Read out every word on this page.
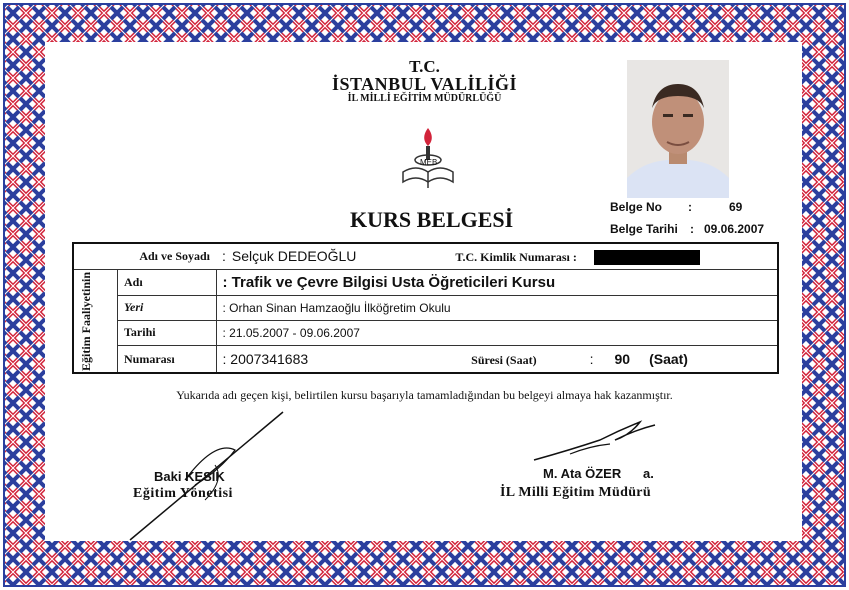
T.C.
İSTANBUL VALİLİĞİ
İL MİLLİ EĞİTİM MÜDÜRLÜĞÜ
MEB
KURS BELGESİ	Belge No :	69
Belge Tarihi : 09.06.2007
Adı ve Soyadı		: Selçuk DEDEOĞLU T.C. Kimlik Numarası :

Eğitim Faaliyetinin	Adı	: Trafik ve Çevre Bilgisi Usta Öğreticileri Kursu
	Yeri	: Orhan Sinan Hamzaoğlu İlköğretim Okulu
	Tarihi	: 21.05.2007 - 09.06.2007
	Numarası	: 2007341683 Süresi (Saat) : 90 (Saat)
Yukarıda adı geçen kişi, belirtilen kursu başarıyla tamamladığından bu belgeyi almaya hak kazanmıştır.
Baki KESİK
Eğitim Yönetisi
M. Ata ÖZER a.
İL Milli Eğitim Müdürü
